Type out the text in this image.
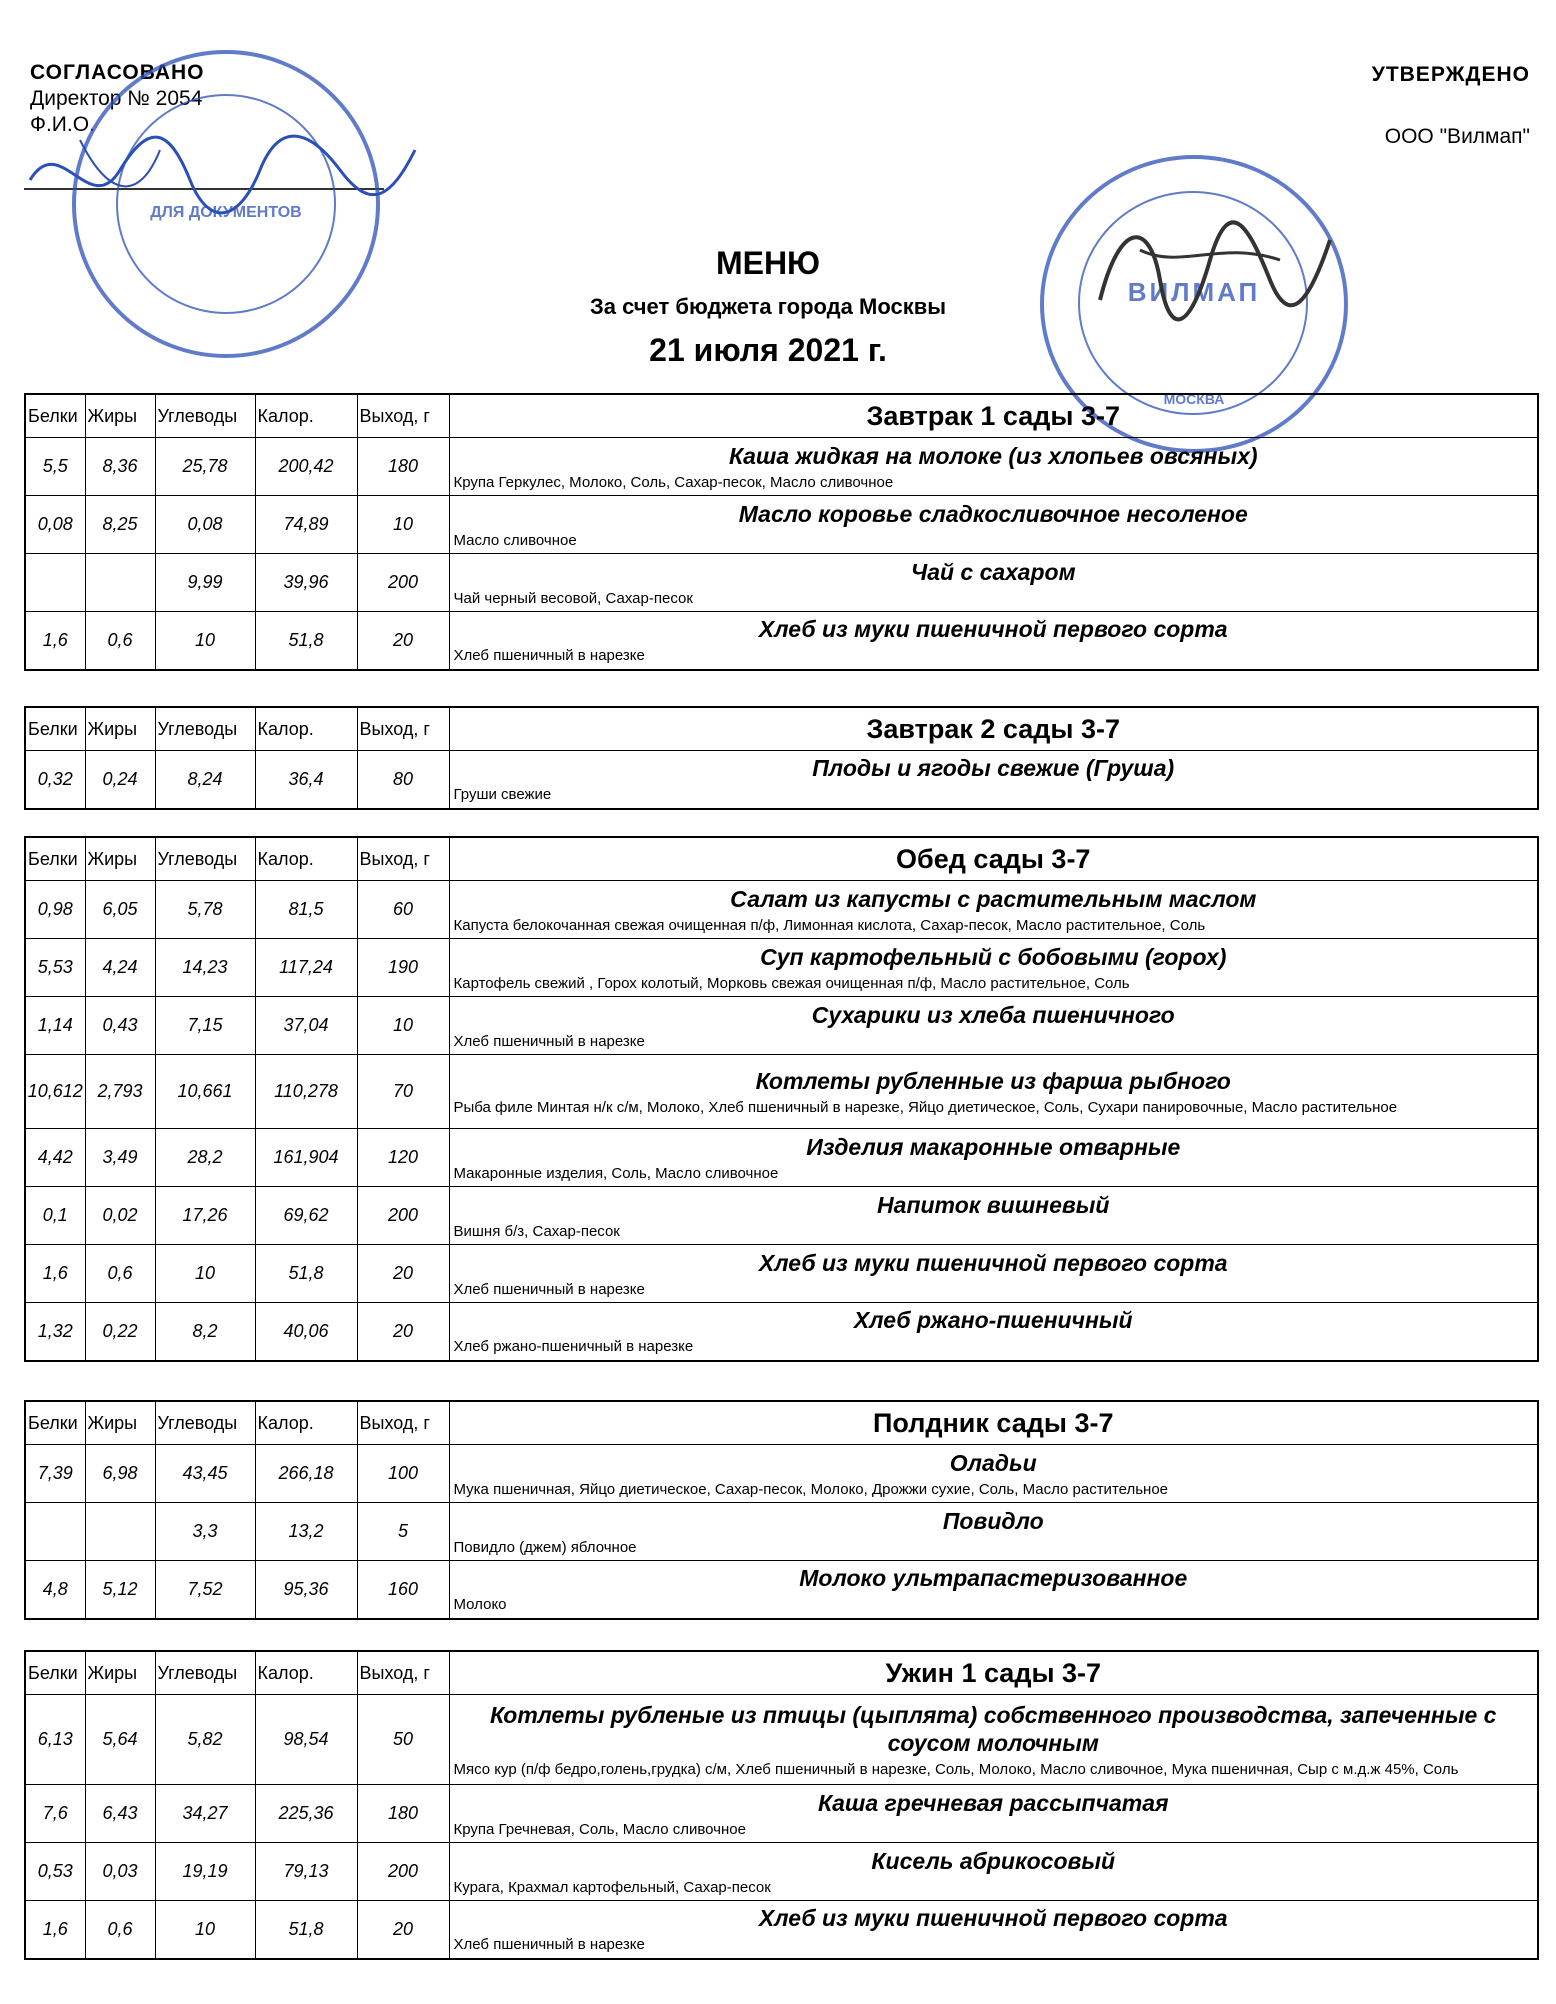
СОГЛАСОВАНО
Директор № 2054
Ф.И.О.
ДЛЯ ДОКУМЕНТОВ
УТВЕРЖДЕНО
ООО "Вилмап"
ВИЛМАП
МОСКВА
МЕНЮ
За счет бюджета города Москвы
21 июля 2021 г.
Белки	Жиры	Углеводы	Калор.	Выход, г	Завтрак 1 сады 3-7
5,5	8,36	25,78	200,42	180	Каша жидкая на молоке (из хлопьев овсяных)
Крупа Геркулес, Молоко, Соль, Сахар-песок, Масло сливочное

0,08	8,25	0,08	74,89	10	Масло коровье сладкосливочное несоленое
Масло сливочное

		9,99	39,96	200	Чай с сахаром
Чай черный весовой, Сахар-песок

1,6	0,6	10	51,8	20	Хлеб из муки пшеничной первого сорта
Хлеб пшеничный в нарезке
Белки	Жиры	Углеводы	Калор.	Выход, г	Завтрак 2 сады 3-7
0,32	0,24	8,24	36,4	80	Плоды и ягоды свежие (Груша)
Груши свежие
Белки	Жиры	Углеводы	Калор.	Выход, г	Обед сады 3-7
0,98	6,05	5,78	81,5	60	Салат из капусты с растительным маслом
Капуста белокочанная свежая очищенная п/ф, Лимонная кислота, Сахар-песок, Масло растительное, Соль

5,53	4,24	14,23	117,24	190	Суп картофельный с бобовыми (горох)
Картофель свежий , Горох колотый, Морковь свежая очищенная п/ф, Масло растительное, Соль

1,14	0,43	7,15	37,04	10	Сухарики из хлеба пшеничного
Хлеб пшеничный в нарезке

10,612	2,793	10,661	110,278	70	Котлеты рубленные из фарша рыбного
Рыба филе Минтая н/к с/м, Молоко, Хлеб пшеничный в нарезке, Яйцо диетическое, Соль, Сухари панировочные, Масло растительное

4,42	3,49	28,2	161,904	120	Изделия макаронные отварные
Макаронные изделия, Соль, Масло сливочное

0,1	0,02	17,26	69,62	200	Напиток вишневый
Вишня б/з, Сахар-песок

1,6	0,6	10	51,8	20	Хлеб из муки пшеничной первого сорта
Хлеб пшеничный в нарезке

1,32	0,22	8,2	40,06	20	Хлеб ржано-пшеничный
Хлеб ржано-пшеничный в нарезке
Белки	Жиры	Углеводы	Калор.	Выход, г	Полдник сады 3-7
7,39	6,98	43,45	266,18	100	Оладьи
Мука пшеничная, Яйцо диетическое, Сахар-песок, Молоко, Дрожжи сухие, Соль, Масло растительное

		3,3	13,2	5	Повидло
Повидло (джем) яблочное

4,8	5,12	7,52	95,36	160	Молоко ультрапастеризованное
Молоко
Белки	Жиры	Углеводы	Калор.	Выход, г	Ужин 1 сады 3-7
6,13	5,64	5,82	98,54	50	Котлеты рубленые из птицы (цыплята) собственного производства, запеченные с соусом молочным
Мясо кур (п/ф бедро,голень,грудка) с/м, Хлеб пшеничный в нарезке, Соль, Молоко, Масло сливочное, Мука пшеничная, Сыр с м.д.ж 45%, Соль

7,6	6,43	34,27	225,36	180	Каша гречневая рассыпчатая
Крупа Гречневая, Соль, Масло сливочное

0,53	0,03	19,19	79,13	200	Кисель абрикосовый
Курага, Крахмал картофельный, Сахар-песок

1,6	0,6	10	51,8	20	Хлеб из муки пшеничной первого сорта
Хлеб пшеничный в нарезке
